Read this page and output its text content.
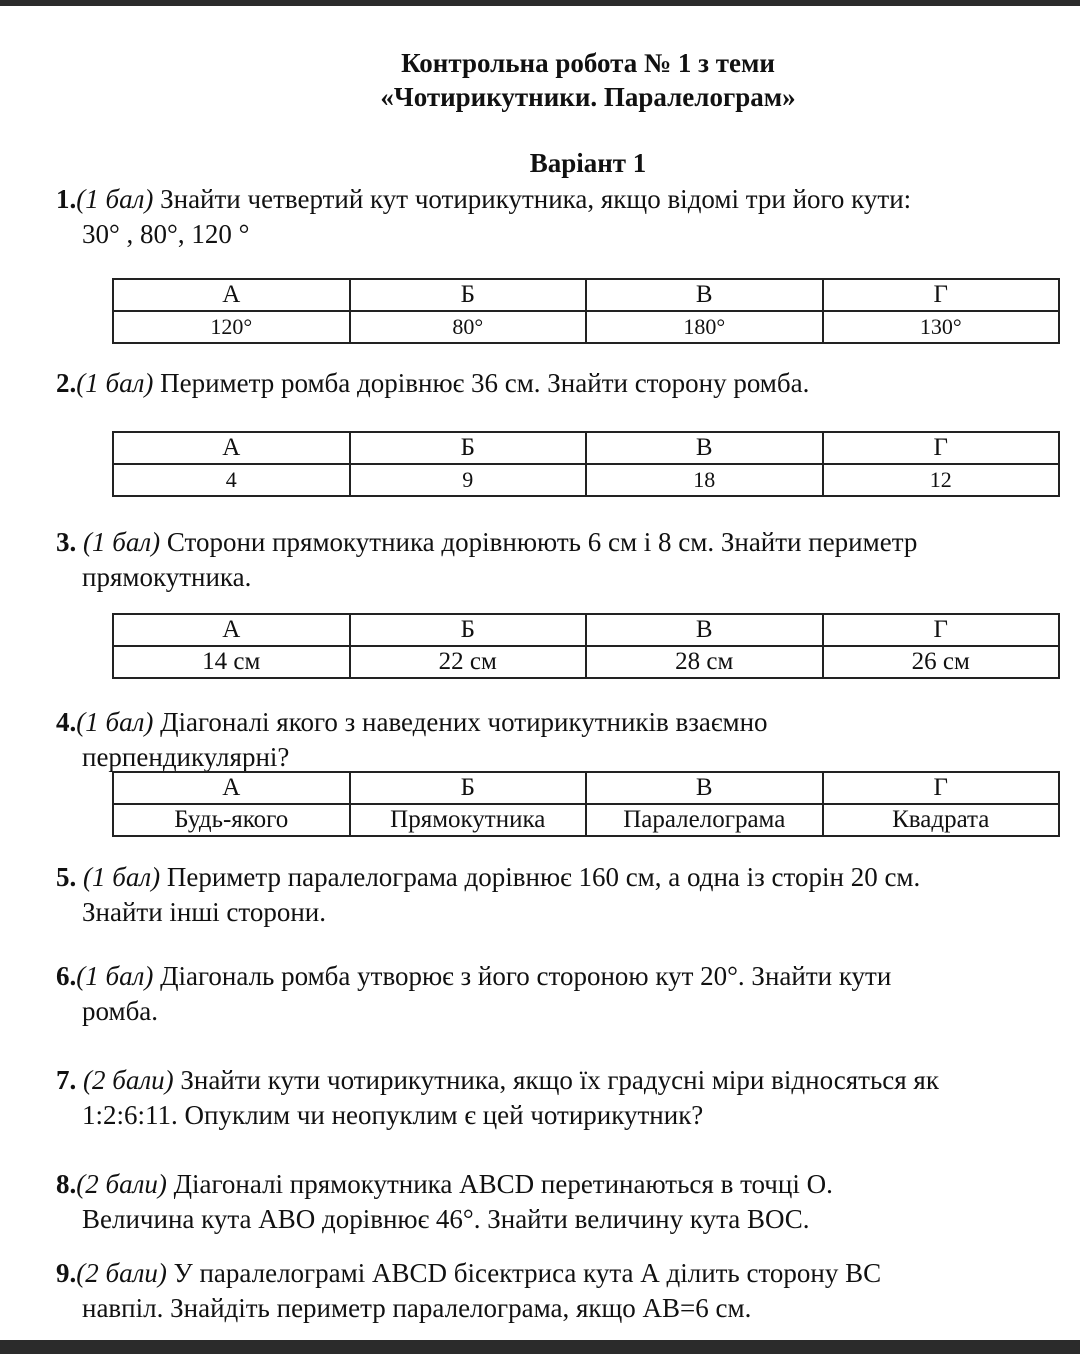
Контрольна робота № 1 з теми
«Чотирикутники. Паралелограм»
Варіант 1
1.(1 бал) Знайти четвертий кут чотирикутника, якщо відомі три його кути:
30° , 80°, 120 °
А	Б	В	Г
120°	80°	180°	130°
2.(1 бал) Периметр ромба дорівнює 36 см. Знайти сторону ромба.
А	Б	В	Г
4	9	18	12
3. (1 бал) Сторони прямокутника дорівнюють 6 см і 8 см. Знайти периметр
прямокутника.
А	Б	В	Г
14 см	22 см	28 см	26 см
4.(1 бал) Діагоналі якого з наведених чотирикутників взаємно
перпендикулярні?
А	Б	В	Г
Будь-якого	Прямокутника	Паралелограма	Квадрата
5. (1 бал) Периметр паралелограма дорівнює 160 см, а одна із сторін 20 см.
Знайти інші сторони.
6.(1 бал) Діагональ ромба утворює з його стороною кут 20°. Знайти кути
ромба.
7. (2 бали) Знайти кути чотирикутника, якщо їх градусні міри відносяться як
1:2:6:11. Опуклим чи неопуклим є цей чотирикутник?
8.(2 бали) Діагоналі прямокутника ABCD перетинаються в точці О.
Величина кута АВО дорівнює 46°. Знайти величину кута ВОС.
9.(2 бали) У паралелограмі ABCD бісектриса кута А ділить сторону ВС
навпіл. Знайдіть периметр паралелограма, якщо АВ=6 см.
